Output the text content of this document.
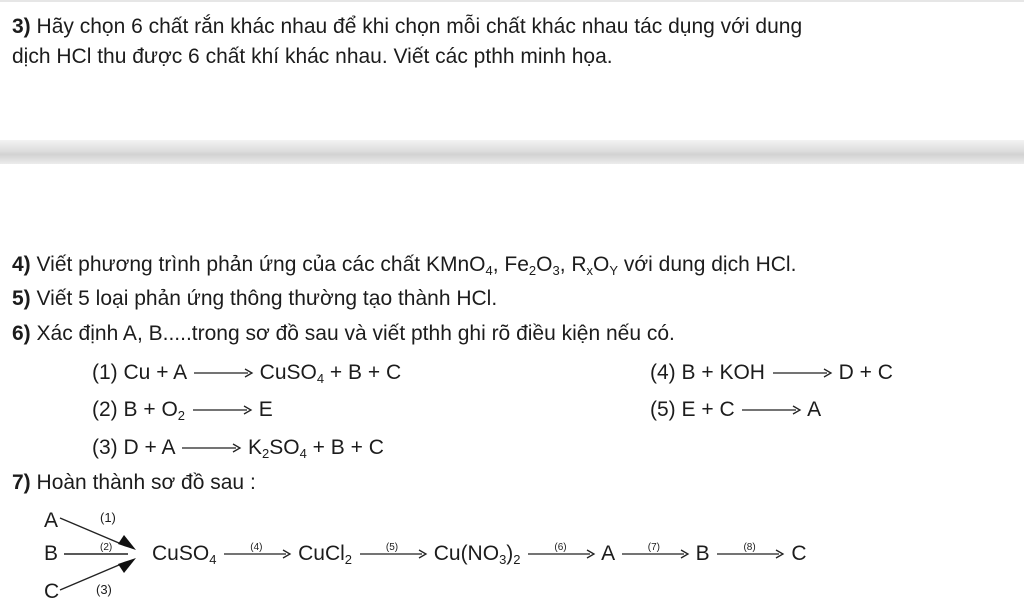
3) Hãy chọn 6 chất rắn khác nhau để khi chọn mỗi chất khác nhau tác dụng với dung
dịch HCl thu được 6 chất khí khác nhau. Viết các pthh minh họa.
4) Viết phương trình phản ứng của các chất KMnO$_4$, $Fe_2O_3$, $R_xO_Y$ với dung dịch HCl.
5) Viết 5 loại phản ứng thông thường tạo thành HCl.
6) Xác định A, B.....trong sơ đồ sau và viết pthh ghi rõ điều kiện nếu có.
(1) Cu + A → CuSO$_4$ + B + C
(2) $B + O_2 \to E$
(3) $D + A \to K_2SO_4 + B + C$
(4) B + KOH → D + C
(5) E + C → A
7) Hoàn thành sơ đồ sau :
A
B
C
(1)
(2)
(3)
CuSO$_4$
(4) CuCl$_2$
(5) $Cu(NO_3)_2$
(6) A	(7) B	(8) C
